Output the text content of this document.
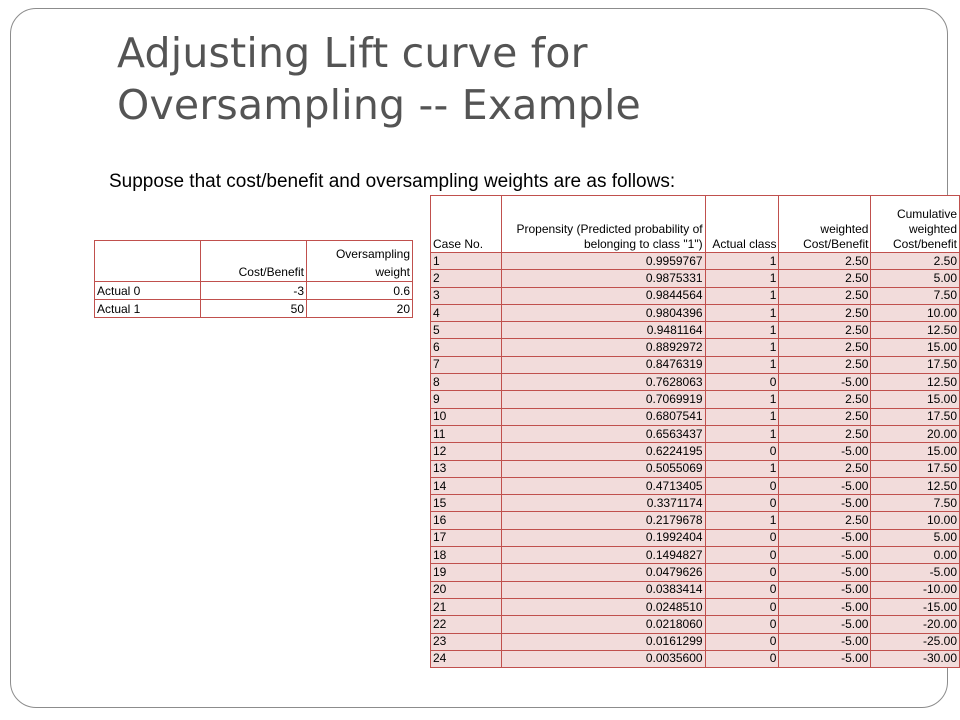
Adjusting Lift curve for Oversampling -- Example
Suppose that cost/benefit and oversampling weights are as follows:
	Cost/Benefit	Oversampling weight
Actual 0	-3	0.6
Actual 1	50	20
Case No.	Propensity (Predicted probability of belonging to class "1")	Actual class	weighted Cost/Benefit	Cumulative weighted Cost/benefit
1	0.9959767	1	2.50	2.50
2	0.9875331	1	2.50	5.00
3	0.9844564	1	2.50	7.50
4	0.9804396	1	2.50	10.00
5	0.9481164	1	2.50	12.50
6	0.8892972	1	2.50	15.00
7	0.8476319	1	2.50	17.50
8	0.7628063	0	-5.00	12.50
9	0.7069919	1	2.50	15.00
10	0.6807541	1	2.50	17.50
11	0.6563437	1	2.50	20.00
12	0.6224195	0	-5.00	15.00
13	0.5055069	1	2.50	17.50
14	0.4713405	0	-5.00	12.50
15	0.3371174	0	-5.00	7.50
16	0.2179678	1	2.50	10.00
17	0.1992404	0	-5.00	5.00
18	0.1494827	0	-5.00	0.00
19	0.0479626	0	-5.00	-5.00
20	0.0383414	0	-5.00	-10.00
21	0.0248510	0	-5.00	-15.00
22	0.0218060	0	-5.00	-20.00
23	0.0161299	0	-5.00	-25.00
24	0.0035600	0	-5.00	-30.00
